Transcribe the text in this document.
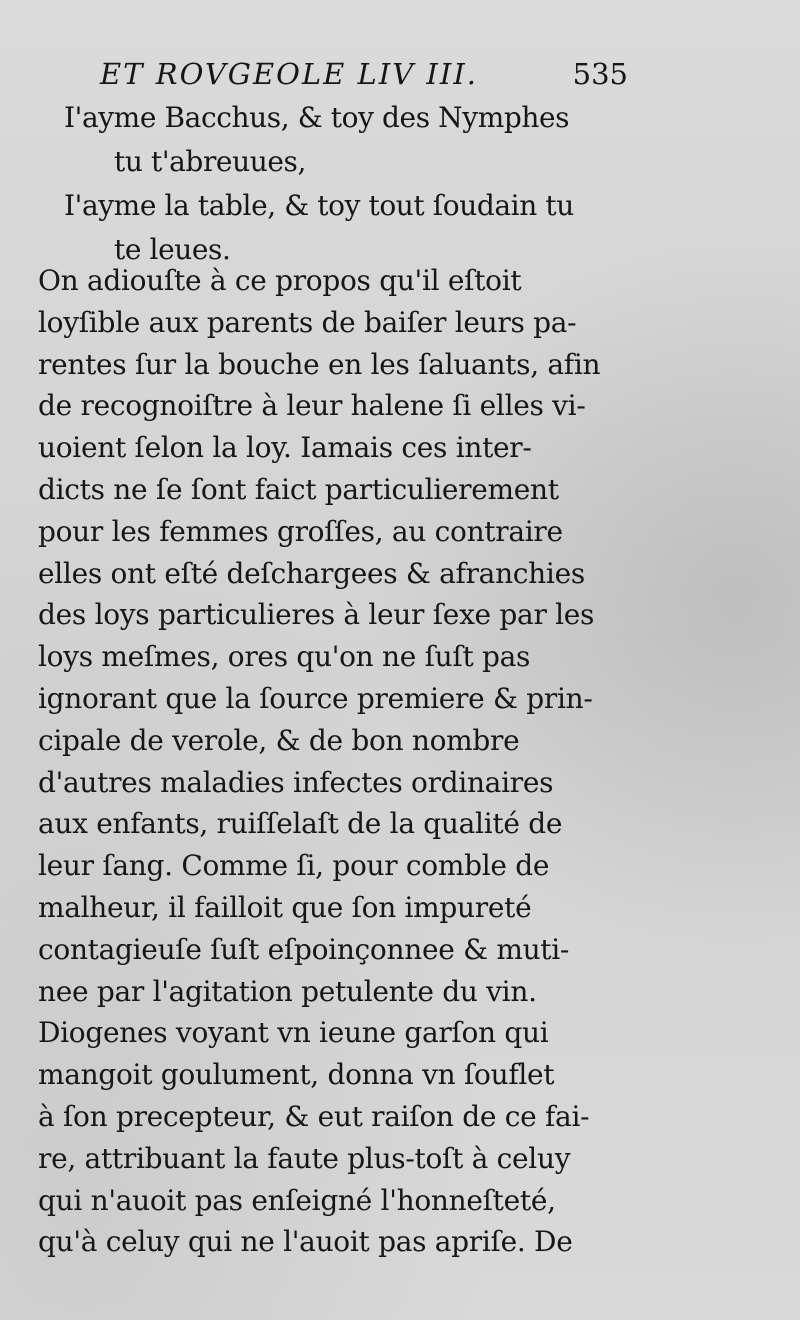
ET ROVGEOLE LIV III.	535
I'ayme Bacchus, & toy des Nymphes
tu t'abreuues,
I'ayme la table, & toy tout ſoudain tu
te leues.
On adiouſte à ce propos qu'il eſtoit
loyſible aux parents de baiſer leurs pa-
rentes ſur la bouche en les ſaluants, afin
de recognoiſtre à leur halene ſi elles vi-
uoient ſelon la loy. Iamais ces inter-
dicts ne ſe ſont faict particulierement
pour les femmes groſſes, au contraire
elles ont eſté deſchargees & afranchies
des loys particulieres à leur ſexe par les
loys meſmes, ores qu'on ne ſuſt pas
ignorant que la ſource premiere & prin-
cipale de verole, & de bon nombre
d'autres maladies infectes ordinaires
aux enfants, ruiſſelaſt de la qualité de
leur ſang. Comme ſi, pour comble de
malheur, il failloit que ſon impureté
contagieuſe ſuſt eſpoinçonnee & muti-
nee par l'agitation petulente du vin.
Diogenes voyant vn ieune garſon qui
mangoit goulument, donna vn ſouflet
à ſon precepteur, & eut raiſon de ce fai-
re, attribuant la faute plus-toſt à celuy
qui n'auoit pas enſeigné l'honneſteté,
qu'à celuy qui ne l'auoit pas apriſe. De
